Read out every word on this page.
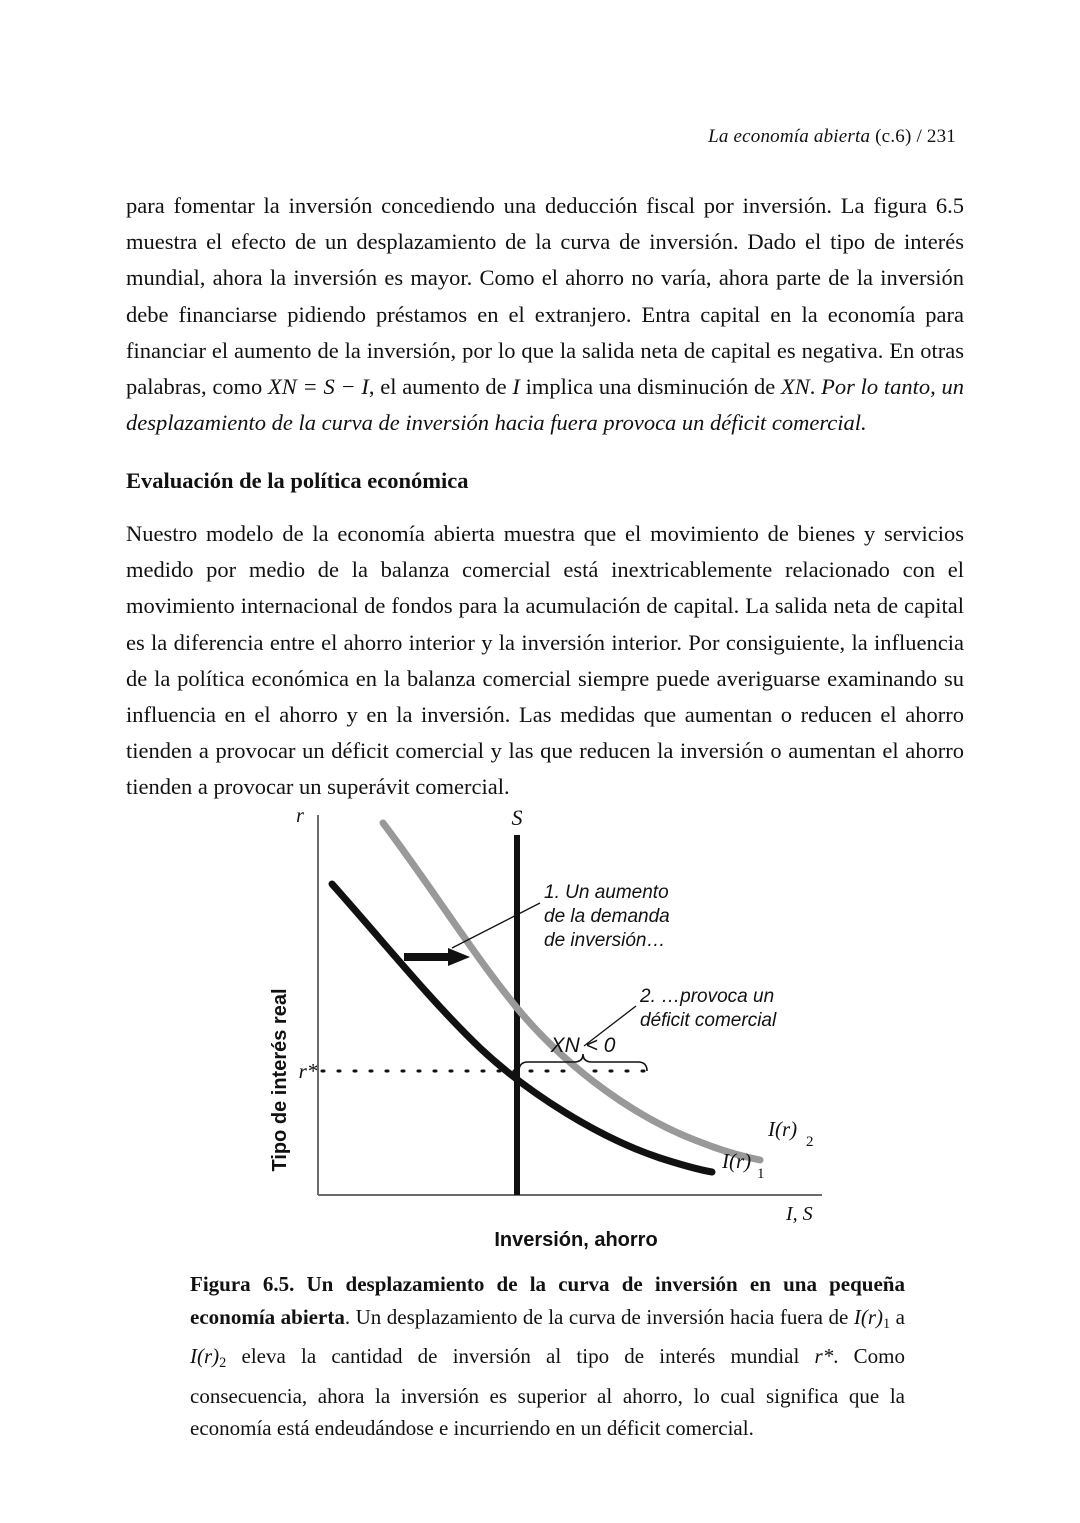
La economía abierta (c.6) / 231

para fomentar la inversión concediendo una deducción fiscal por inversión. La figura 6.5 muestra el efecto de un desplazamiento de la curva de inversión. Dado el tipo de interés mundial, ahora la inversión es mayor. Como el ahorro no varía, ahora parte de la inversión debe financiarse pidiendo préstamos en el extranjero. Entra capital en la economía para financiar el aumento de la inversión, por lo que la salida neta de capital es negativa. En otras palabras, como XN = S − I, el aumento de I implica una disminución de XN. Por lo tanto, un desplazamiento de la curva de inversión hacia fuera provoca un déficit comercial.

Evaluación de la política económica

Nuestro modelo de la economía abierta muestra que el movimiento de bienes y servicios medido por medio de la balanza comercial está inextricablemente relacionado con el movimiento internacional de fondos para la acumulación de capital. La salida neta de capital es la diferencia entre el ahorro interior y la inversión interior. Por consiguiente, la influencia de la política económica en la balanza comercial siempre puede averiguarse examinando su influencia en el ahorro y en la inversión. Las medidas que aumentan o reducen el ahorro tienden a provocar un déficit comercial y las que reducen la inversión o aumentan el ahorro tienden a provocar un superávit comercial.

r
I, S
Tipo de interés real
Inversión, ahorro
r*
S
I(r)
2
I(r)
1
1. Un aumento
de la demanda
de inversión…
2. …provoca un
déficit comercial
XN < 0
Figura 6.5. Un desplazamiento de la curva de inversión en una pequeña economía abierta. Un desplazamiento de la curva de inversión hacia fuera de $I(r)_1$ a $I(r)_2$ eleva la cantidad de inversión al tipo de interés mundial r*. Como consecuencia, ahora la inversión es superior al ahorro, lo cual significa que la economía está endeudándose e incurriendo en un déficit comercial.
